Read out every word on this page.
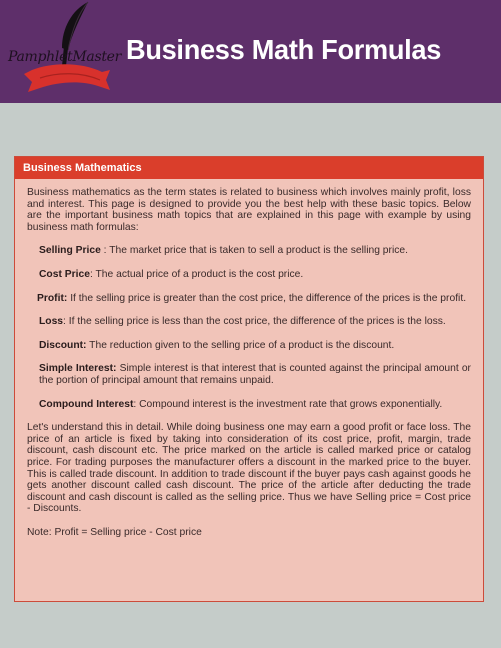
PamphletMaster Business Math Formulas
Business Mathematics

Business mathematics as the term states is related to business which involves mainly profit, loss and interest. This page is designed to provide you the best help with these basic topics. Below are the important business math topics that are explained in this page with example by using business math formulas:

Selling Price : The market price that is taken to sell a product is the selling price.

Cost Price: The actual price of a product is the cost price.

Profit: If the selling price is greater than the cost price, the difference of the prices is the profit.

Loss: If the selling price is less than the cost price, the difference of the prices is the loss.

Discount: The reduction given to the selling price of a product is the discount.

Simple Interest: Simple interest is that interest that is counted against the principal amount or the portion of principal amount that remains unpaid.

Compound Interest: Compound interest is the investment rate that grows exponentially.

Let's understand this in detail. While doing business one may earn a good profit or face loss. The price of an article is fixed by taking into consideration of its cost price, profit, margin, trade discount, cash discount etc. The price marked on the article is called marked price or catalog price. For trading purposes the manufacturer offers a discount in the marked price to the buyer. This is called trade discount. In addition to trade discount if the buyer pays cash against goods he gets another discount called cash discount. The price of the article after deducting the trade discount and cash discount is called as the selling price. Thus we have Selling price = Cost price - Discounts.

Note: Profit = Selling price - Cost price
